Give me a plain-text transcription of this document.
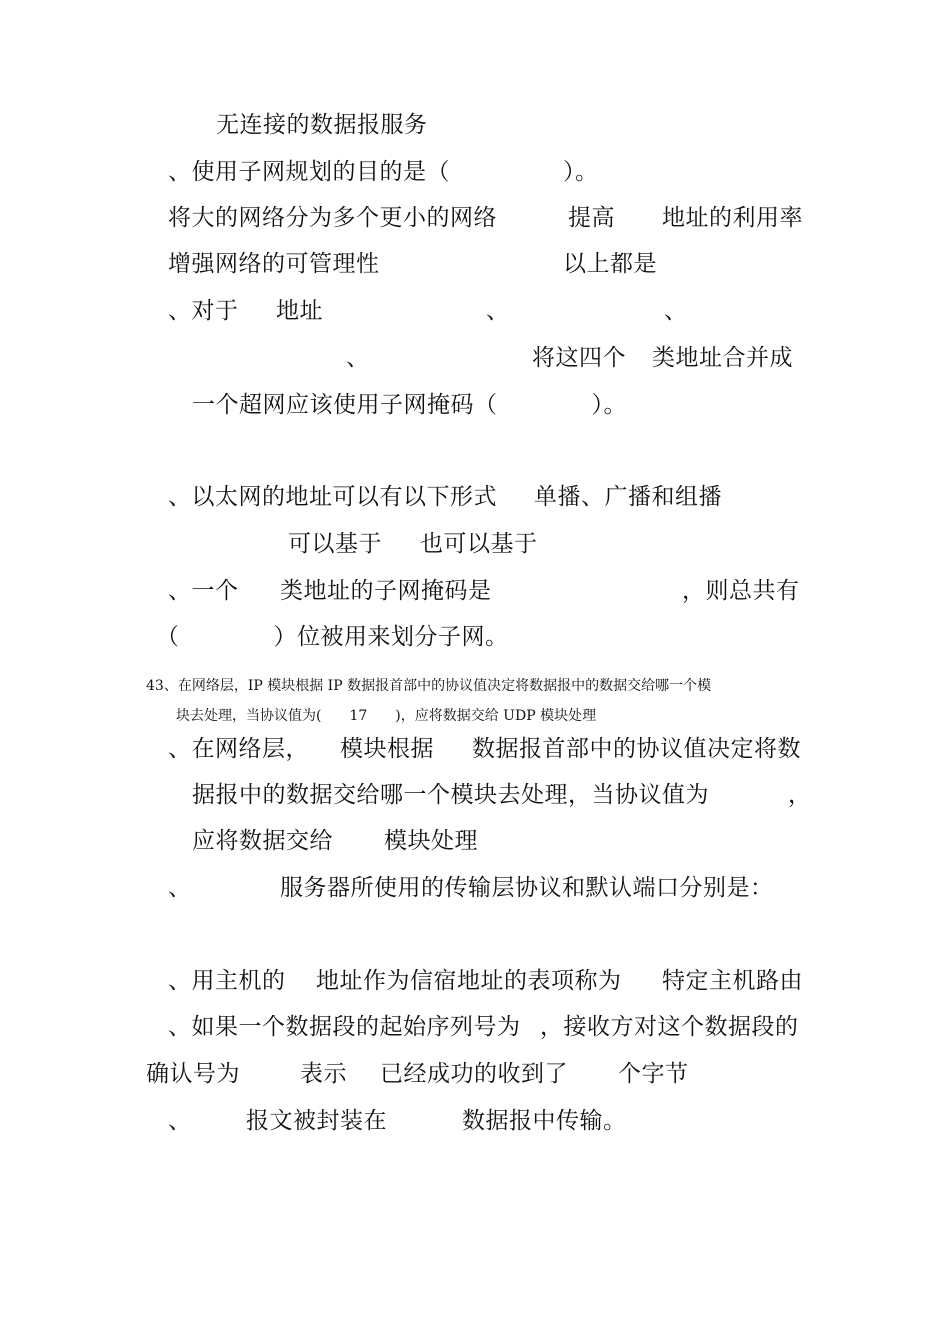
无连接的数据报服务
、使用子网规划的目的是（	）。
将大的网络分为多个更小的网络	提高 地址的利用率
增强网络的可管理性	以上都是
、对于 地址	、	、
、	将这四个 类地址合并成
一个超网应该使用子网掩码（　　　　）。
、以太网的地址可以有以下形式 单播、广播和组播
可以基于 也可以基于
、一个 类地址的子网掩码是	，则总共有
（　　　　）位被用来划分子网。
43、在网络层，IP 模块根据 IP 数据报首部中的协议值决定将数据报中的数据交给哪一个模
块去处理，当协议值为(　　17　　)，应将数据交给 UDP 模块处理
、在网络层， 模块根据 数据报首部中的协议值决定将数
据报中的数据交给哪一个模块去处理，当协议值为	，
应将数据交给 模块处理
、	服务器所使用的传输层协议和默认端口分别是：
、用主机的 地址作为信宿地址的表项称为 特定主机路由
、如果一个数据段的起始序列号为 ，接收方对这个数据段的
确认号为	表示 已经成功的收到了 个字节
、 报文被封装在	数据报中传输。
